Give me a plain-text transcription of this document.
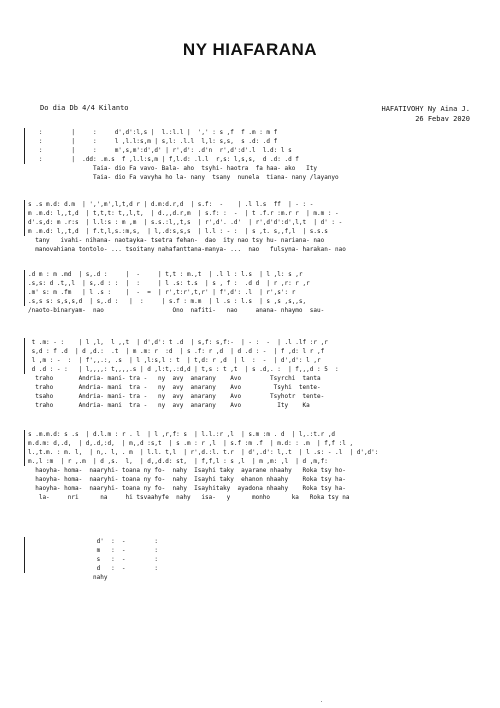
NY HIAFARANA
Do dia Db 4/4 Kilanto	HAFATIVOHY Ny Aina J.
26 Febav 2020
:        |     :     d',d':l,s |  l.:l.l |  ',' : s ,f  f .m : m f
:        |     :     l ,l.l:s,m | s,l: .l.l  l,l: s,s,  s .d: .d f
:        |     :     m',s,m':d',d' | r',d': .d'n  r',d':d'.l  l.d: l s
:        |  .dd: .m.s  f ,l.l:s,m | f,l.d: .l.l  r,s: l,s,s,  d .d: .d f
Taia- dio Fa vavo- Bala- aho  tsyhi- haotra  fa haa- ako   Ity
Taia- dio Fa vavyha ho la- nany  tsany  nunela  tiana- nany /layanyo
s .s m.d: d.m  | ',',m',l,t,d r | d.m:d.r,d  | s.f:  -    | .l l.s  ff  | - : -
m .m.d: l,,t,d  | t,t,t: t,,l,t,  | d.,,d.r,m  | s.f: :  -  | t .f.r :m.r r  | m.m : -
d'.s,d: m .r:s  | l.l:s : m ,m  | s.s.:l,,t,s  | r',d'. .d'  | r',d'd':d',l,t  | d' : -
m .m.d: l,,t,d  | f.t,l,s.:m,s,  | l,.d:s,s,s  | l.l : - :  | s ,t. s,,f,l  | s.s.s
tany   ivahi- nihana- naotayka- tsetra fehan-  dao  ity nao tsy hu- nariana- nao
manovahiana tontolo- ... tsoitany nahafanttana-manya- ...  nao   fulsyna- harakan- nao
.d m : m .md  | s,.d :     |  -     | t,t : m.,t  | .l l : l.s  | l ,l: s ,r
.s,s: d .t,,l  | s,.d : :  |  :     | l .s: t.s  | s , f :  .d d  | r ,r: r ,r
.m' s: m .fm   | l .s :    |  -  =  | r',t:r',t,r' | f',d': .l  | r',s': r
.s,s s: s,s,s,d  | s,.d :   |  :     | s.f : m.m  | l .s : l.s  | s ,s ,s,,s,
/naoto-binaryam-  nao                   Ono  nafiti-   nao     anana- nhaymo  sau-
t .m: - :    | l ,l,  l ,,t  | d',d': t .d  | s,f: s,f:-  | - :  -  | .l .lf :r ,r
s,d : f .d  | d ,d.:  .t  | m .m: r  :d  | s .f: r ,d  | d .d : -  | f ,d: l r ,f
l ,m : -  :  | f',,.:, .s  | l ,l:s,l : t  | t,d: r ,d  | l  :  -  | d',d': l ,r
d .d : - :   | l,,,,: t,,,,.s | d ,l:t,.:d,d | t,s : t ,t  | s .d,. :  | f,,,d : 5  :
traho       Andria- mani- tra -   ny  avy  anarany    Avo        Tsyrchi  tanta
traho       Andria- mani  tra -   ny  avy  anarany    Avo         Tsyhi  tente-
tsaho       Andria- mani- tra -   ny  avy  anarany    Avo        Tsyhotr  tente-
traho       Andria- mani  tra -   ny  avy  anarany    Avo          Ity    Ka
s .m.m.d: s .s  | d.l.m : r . l  | l ,r,f: s  | l.l.:r ,l  | s.m :m . d  | l,.:t.r ,d
m.d.m: d,.d,  | d,.d,:d,  | m,,d :s,t  | s .m : r ,l  | s.f :m .f  | m.d: : .m  | f,f :l ,
l.,t.m. : m. l,  | n,. l, . m  | l.l. t,l  | r',d.:l. t.r  | d',.d': l,.t  | l .s: - .l  | d',d':
m.,l :m  | r ,.m  | d ,s.  l,  | d,,d.d: st,  | f,f,l : s ,l  | m ,m: ,l  | d ,m,f:
haoyha- homa-  naaryhi- toana ny fo-  nahy  Isayhi taky  ayarane nhaahy   Roka tsy ho-
haoyha- homa-  naaryhi- toana ny fo-  nahy  Isayhi taky  ehanon nhaahy    Roka tsy ha-
haoyha- homa-  naaryhi- toana ny fo-  nahy  Isayhitaky  ayadona nhaahy    Roka tsy ha-
la-     nri      na     hi tsvaahyfe  nahy   isa-   y      monho      ka   Roka tsy na
d'  :  -        :
m   :  -        :
s   :  -        :
d   :  -        :
nahy
.
